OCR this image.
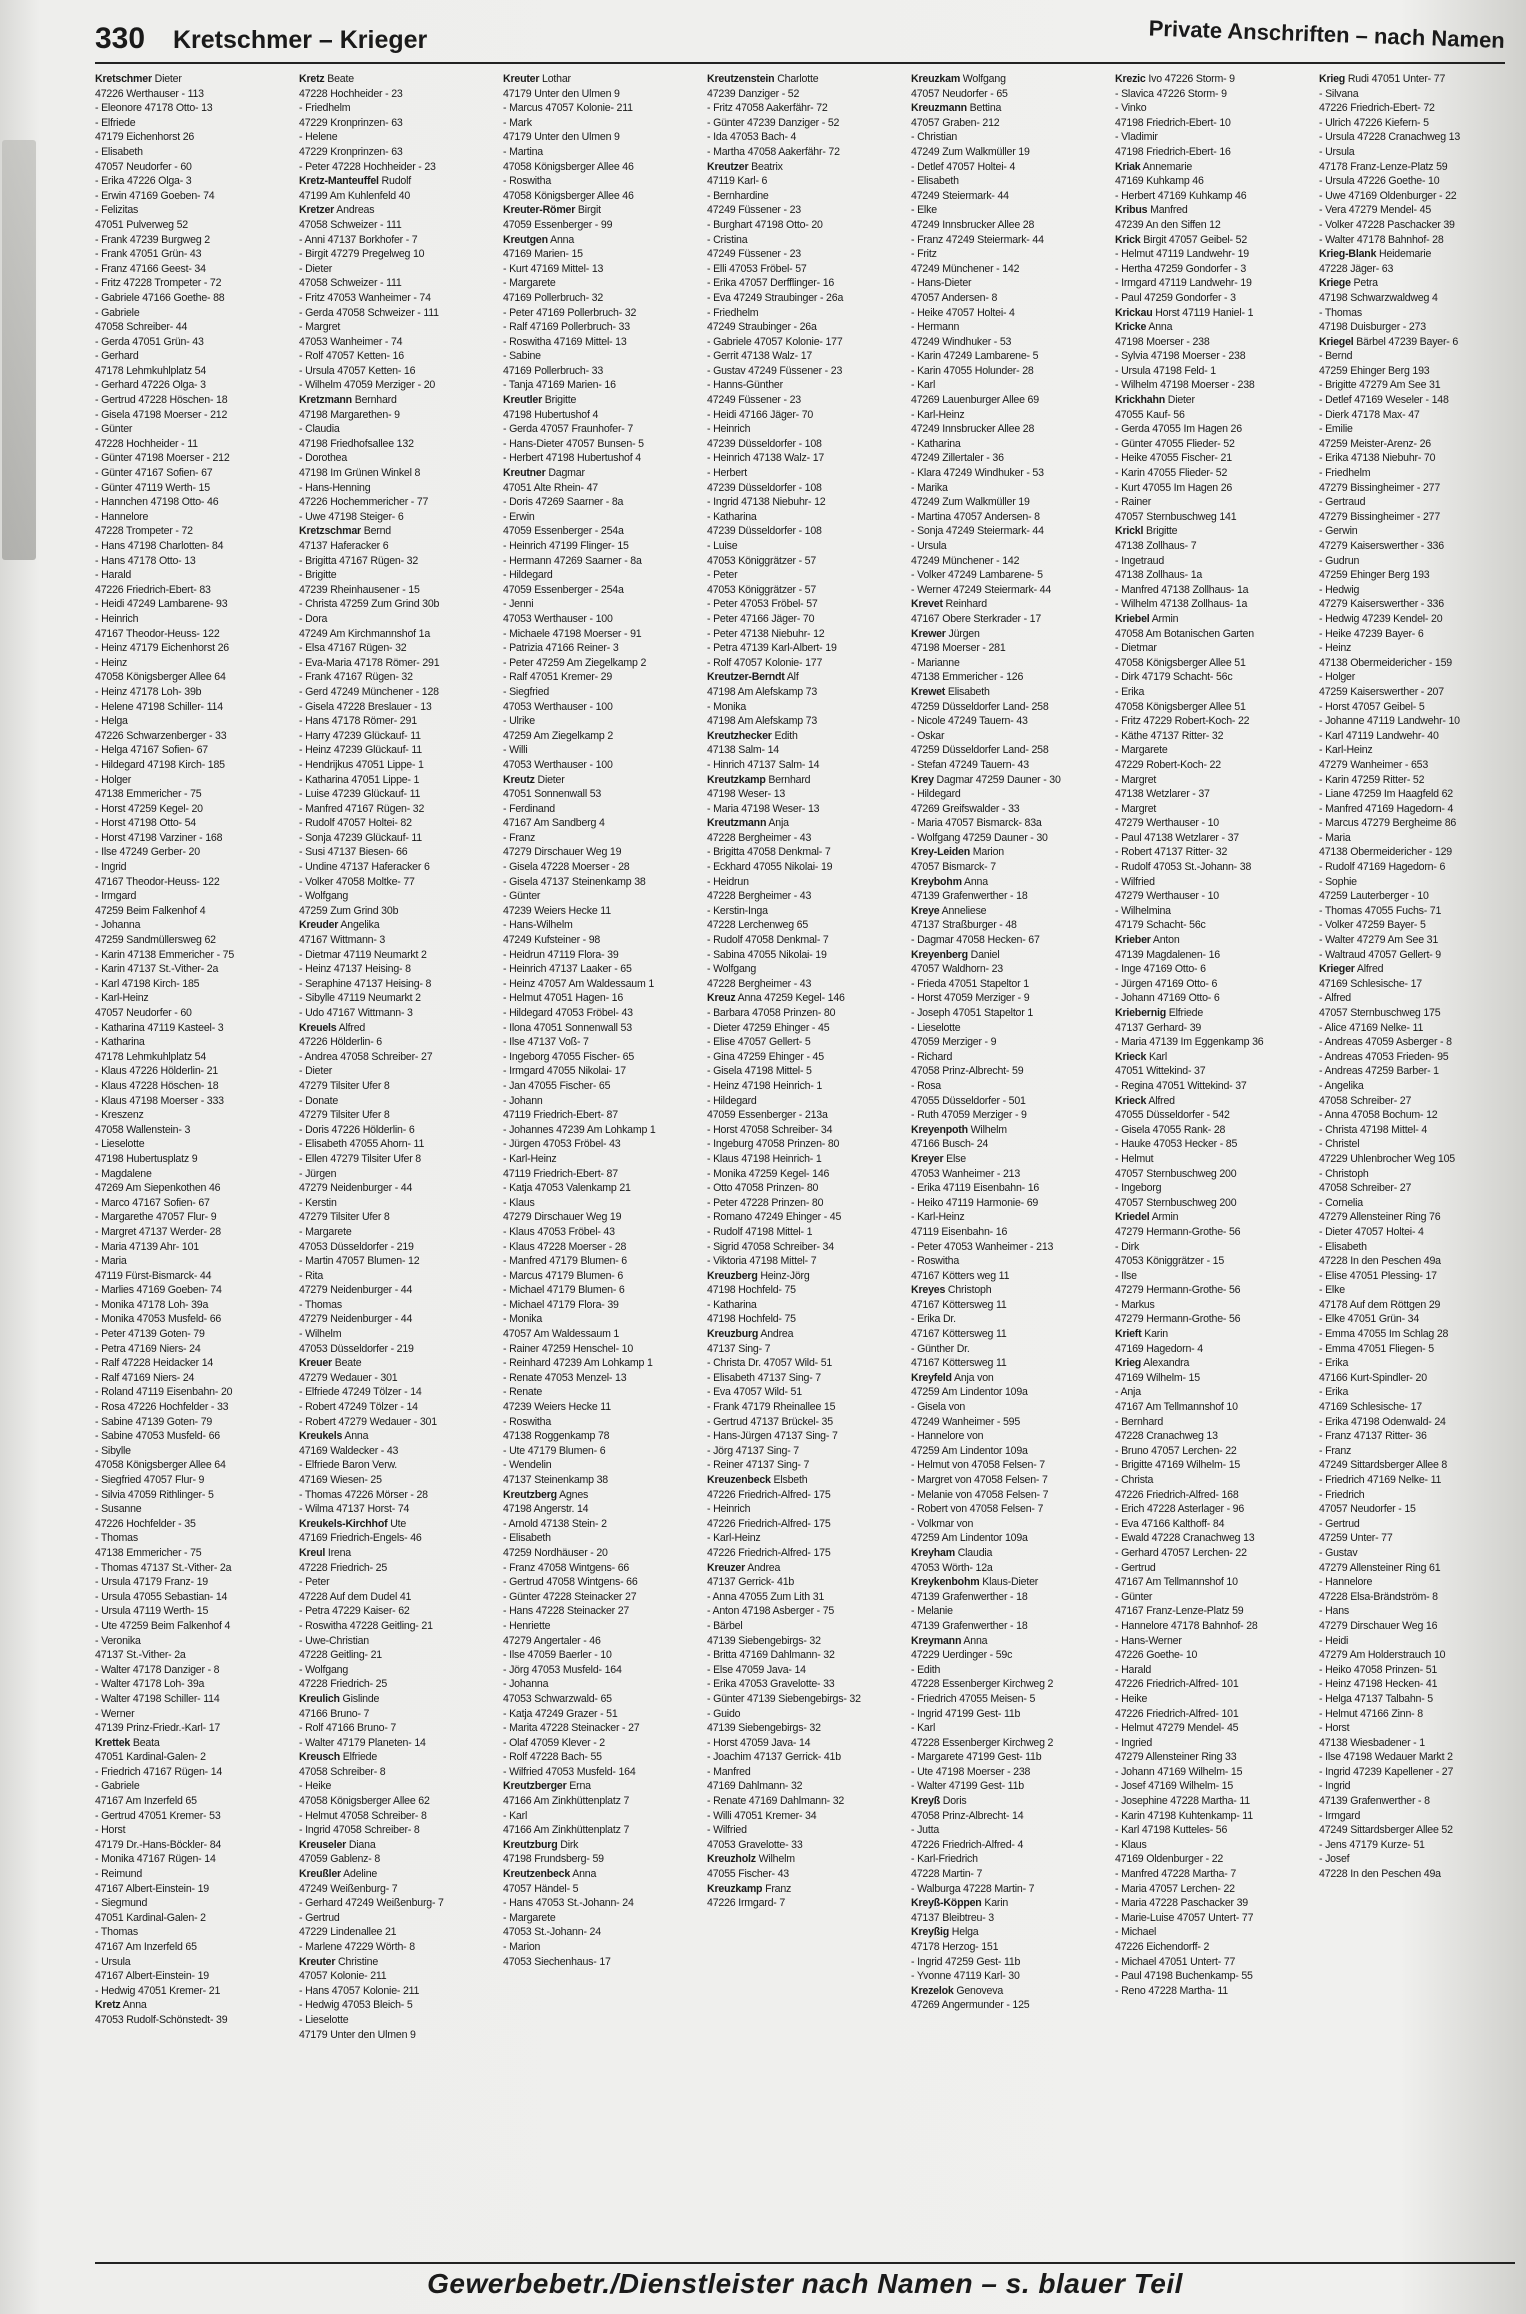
330 Kretschmer – Krieger	Private Anschriften – nach Namen
Kretschmer Dieter
47226 Werthauser - 113
- Eleonore 47178 Otto- 13
- Elfriede
47179 Eichenhorst 26
- Elisabeth
47057 Neudorfer - 60
- Erika 47226 Olga- 3
- Erwin 47169 Goeben- 74
- Felizitas
47051 Pulverweg 52
- Frank 47239 Burgweg 2
- Frank 47051 Grün- 43
- Franz 47166 Geest- 34
- Fritz 47228 Trompeter - 72
- Gabriele 47166 Goethe- 88
- Gabriele
47058 Schreiber- 44
- Gerda 47051 Grün- 43
- Gerhard
47178 Lehmkuhlplatz 54
- Gerhard 47226 Olga- 3
- Gertrud 47228 Höschen- 18
- Gisela 47198 Moerser - 212
- Günter
47228 Hochheider - 11
- Günter 47198 Moerser - 212
- Günter 47167 Sofien- 67
- Günter 47119 Werth- 15
- Hannchen 47198 Otto- 46
- Hannelore
47228 Trompeter - 72
- Hans 47198 Charlotten- 84
- Hans 47178 Otto- 13
- Harald
47226 Friedrich-Ebert- 83
- Heidi 47249 Lambarene- 93
- Heinrich
47167 Theodor-Heuss- 122
- Heinz 47179 Eichenhorst 26
- Heinz
47058 Königsberger Allee 64
- Heinz 47178 Loh- 39b
- Helene 47198 Schiller- 114
- Helga
47226 Schwarzenberger - 33
- Helga 47167 Sofien- 67
- Hildegard 47198 Kirch- 185
- Holger
47138 Emmericher - 75
- Horst 47259 Kegel- 20
- Horst 47198 Otto- 54
- Horst 47198 Varziner - 168
- Ilse 47249 Gerber- 20
- Ingrid
47167 Theodor-Heuss- 122
- Irmgard
47259 Beim Falkenhof 4
- Johanna
47259 Sandmüllersweg 62
- Karin 47138 Emmericher - 75
- Karin 47137 St.-Vither- 2a
- Karl 47198 Kirch- 185
- Karl-Heinz
47057 Neudorfer - 60
- Katharina 47119 Kasteel- 3
- Katharina
47178 Lehmkuhlplatz 54
- Klaus 47226 Hölderlin- 21
- Klaus 47228 Höschen- 18
- Klaus 47198 Moerser - 333
- Kreszenz
47058 Wallenstein- 3
- Lieselotte
47198 Hubertusplatz 9
- Magdalene
47269 Am Siepenkothen 46
- Marco 47167 Sofien- 67
- Margarethe 47057 Flur- 9
- Margret 47137 Werder- 28
- Maria 47139 Ahr- 101
- Maria
47119 Fürst-Bismarck- 44
- Marlies 47169 Goeben- 74
- Monika 47178 Loh- 39a
- Monika 47053 Musfeld- 66
- Peter 47139 Goten- 79
- Petra 47169 Niers- 24
- Ralf 47228 Heidacker 14
- Ralf 47169 Niers- 24
- Roland 47119 Eisenbahn- 20
- Rosa 47226 Hochfelder - 33
- Sabine 47139 Goten- 79
- Sabine 47053 Musfeld- 66
- Sibylle
47058 Königsberger Allee 64
- Siegfried 47057 Flur- 9
- Silvia 47059 Rithlinger- 5
- Susanne
47226 Hochfelder - 35
- Thomas
47138 Emmericher - 75
- Thomas 47137 St.-Vither- 2a
- Ursula 47179 Franz- 19
- Ursula 47055 Sebastian- 14
- Ursula 47119 Werth- 15
- Ute 47259 Beim Falkenhof 4
- Veronika
47137 St.-Vither- 2a
- Walter 47178 Danziger - 8
- Walter 47178 Loh- 39a
- Walter 47198 Schiller- 114
- Werner
47139 Prinz-Friedr.-Karl- 17
Krettek Beata
47051 Kardinal-Galen- 2
- Friedrich 47167 Rügen- 14
- Gabriele
47167 Am Inzerfeld 65
- Gertrud 47051 Kremer- 53
- Horst
47179 Dr.-Hans-Böckler- 84
- Monika 47167 Rügen- 14
- Reimund
47167 Albert-Einstein- 19
- Siegmund
47051 Kardinal-Galen- 2
- Thomas
47167 Am Inzerfeld 65
- Ursula
47167 Albert-Einstein- 19
- Hedwig 47051 Kremer- 21
Kretz Anna
47053 Rudolf-Schönstedt- 39
Kretz Beate
47228 Hochheider - 23
- Friedhelm
47229 Kronprinzen- 63
- Helene
47229 Kronprinzen- 63
- Peter 47228 Hochheider - 23
Kretz-Manteuffel Rudolf
47199 Am Kuhlenfeld 40
Kretzer Andreas
47058 Schweizer - 111
- Anni 47137 Borkhofer - 7
- Birgit 47279 Pregelweg 10
- Dieter
47058 Schweizer - 111
- Fritz 47053 Wanheimer - 74
- Gerda 47058 Schweizer - 111
- Margret
47053 Wanheimer - 74
- Rolf 47057 Ketten- 16
- Ursula 47057 Ketten- 16
- Wilhelm 47059 Merziger - 20
Kretzmann Bernhard
47198 Margarethen- 9
- Claudia
47198 Friedhofsallee 132
- Dorothea
47198 Im Grünen Winkel 8
- Hans-Henning
47226 Hochemmericher - 77
- Uwe 47198 Steiger- 6
Kretzschmar Bernd
47137 Haferacker 6
- Brigitta 47167 Rügen- 32
- Brigitte
47239 Rheinhausener - 15
- Christa 47259 Zum Grind 30b
- Dora
47249 Am Kirchmannshof 1a
- Elsa 47167 Rügen- 32
- Eva-Maria 47178 Römer- 291
- Frank 47167 Rügen- 32
- Gerd 47249 Münchener - 128
- Gisela 47228 Breslauer - 13
- Hans 47178 Römer- 291
- Harry 47239 Glückauf- 11
- Heinz 47239 Glückauf- 11
- Hendrijkus 47051 Lippe- 1
- Katharina 47051 Lippe- 1
- Luise 47239 Glückauf- 11
- Manfred 47167 Rügen- 32
- Rudolf 47057 Holtei- 82
- Sonja 47239 Glückauf- 11
- Susi 47137 Biesen- 66
- Undine 47137 Haferacker 6
- Volker 47058 Moltke- 77
- Wolfgang
47259 Zum Grind 30b
Kreuder Angelika
47167 Wittmann- 3
- Dietmar 47119 Neumarkt 2
- Heinz 47137 Heising- 8
- Seraphine 47137 Heising- 8
- Sibylle 47119 Neumarkt 2
- Udo 47167 Wittmann- 3
Kreuels Alfred
47226 Hölderlin- 6
- Andrea 47058 Schreiber- 27
- Dieter
47279 Tilsiter Ufer 8
- Donate
47279 Tilsiter Ufer 8
- Doris 47226 Hölderlin- 6
- Elisabeth 47055 Ahorn- 11
- Ellen 47279 Tilsiter Ufer 8
- Jürgen
47279 Neidenburger - 44
- Kerstin
47279 Tilsiter Ufer 8
- Margarete
47053 Düsseldorfer - 219
- Martin 47057 Blumen- 12
- Rita
47279 Neidenburger - 44
- Thomas
47279 Neidenburger - 44
- Wilhelm
47053 Düsseldorfer - 219
Kreuer Beate
47279 Wedauer - 301
- Elfriede 47249 Tölzer - 14
- Robert 47249 Tölzer - 14
- Robert 47279 Wedauer - 301
Kreukels Anna
47169 Waldecker - 43
- Elfriede Baron Verw.
47169 Wiesen- 25
- Thomas 47226 Mörser - 28
- Wilma 47137 Horst- 74
Kreukels-Kirchhof Ute
47169 Friedrich-Engels- 46
Kreul Irena
47228 Friedrich- 25
- Peter
47228 Auf dem Dudel 41
- Petra 47229 Kaiser- 62
- Roswitha 47228 Geitling- 21
- Uwe-Christian
47228 Geitling- 21
- Wolfgang
47228 Friedrich- 25
Kreulich Gislinde
47166 Bruno- 7
- Rolf 47166 Bruno- 7
- Walter 47179 Planeten- 14
Kreusch Elfriede
47058 Schreiber- 8
- Heike
47058 Königsberger Allee 62
- Helmut 47058 Schreiber- 8
- Ingrid 47058 Schreiber- 8
Kreuseler Diana
47059 Gablenz- 8
Kreußler Adeline
47249 Weißenburg- 7
- Gerhard 47249 Weißenburg- 7
- Gertrud
47229 Lindenallee 21
- Marlene 47229 Wörth- 8
Kreuter Christine
47057 Kolonie- 211
- Hans 47057 Kolonie- 211
- Hedwig 47053 Bleich- 5
- Lieselotte
47179 Unter den Ulmen 9
Kreuter Lothar
47179 Unter den Ulmen 9
- Marcus 47057 Kolonie- 211
- Mark
47179 Unter den Ulmen 9
- Martina
47058 Königsberger Allee 46
- Roswitha
47058 Königsberger Allee 46
Kreuter-Römer Birgit
47059 Essenberger - 99
Kreutgen Anna
47169 Marien- 15
- Kurt 47169 Mittel- 13
- Margarete
47169 Pollerbruch- 32
- Peter 47169 Pollerbruch- 32
- Ralf 47169 Pollerbruch- 33
- Roswitha 47169 Mittel- 13
- Sabine
47169 Pollerbruch- 33
- Tanja 47169 Marien- 16
Kreutler Brigitte
47198 Hubertushof 4
- Gerda 47057 Fraunhofer- 7
- Hans-Dieter 47057 Bunsen- 5
- Herbert 47198 Hubertushof 4
Kreutner Dagmar
47051 Alte Rhein- 47
- Doris 47269 Saarner - 8a
- Erwin
47059 Essenberger - 254a
- Heinrich 47199 Flinger- 15
- Hermann 47269 Saarner - 8a
- Hildegard
47059 Essenberger - 254a
- Jenni
47053 Werthauser - 100
- Michaele 47198 Moerser - 91
- Patrizia 47166 Reiner- 3
- Peter 47259 Am Ziegelkamp 2
- Ralf 47051 Kremer- 29
- Siegfried
47053 Werthauser - 100
- Ulrike
47259 Am Ziegelkamp 2
- Willi
47053 Werthauser - 100
Kreutz Dieter
47051 Sonnenwall 53
- Ferdinand
47167 Am Sandberg 4
- Franz
47279 Dirschauer Weg 19
- Gisela 47228 Moerser - 28
- Gisela 47137 Steinenkamp 38
- Günter
47239 Weiers Hecke 11
- Hans-Wilhelm
47249 Kufsteiner - 98
- Heidrun 47119 Flora- 39
- Heinrich 47137 Laaker - 65
- Heinz 47057 Am Waldessaum 1
- Helmut 47051 Hagen- 16
- Hildegard 47053 Fröbel- 43
- Ilona 47051 Sonnenwall 53
- Ilse 47137 Voß- 7
- Ingeborg 47055 Fischer- 65
- Irmgard 47055 Nikolai- 17
- Jan 47055 Fischer- 65
- Johann
47119 Friedrich-Ebert- 87
- Johannes 47239 Am Lohkamp 1
- Jürgen 47053 Fröbel- 43
- Karl-Heinz
47119 Friedrich-Ebert- 87
- Katja 47053 Valenkamp 21
- Klaus
47279 Dirschauer Weg 19
- Klaus 47053 Fröbel- 43
- Klaus 47228 Moerser - 28
- Manfred 47179 Blumen- 6
- Marcus 47179 Blumen- 6
- Michael 47179 Blumen- 6
- Michael 47179 Flora- 39
- Monika
47057 Am Waldessaum 1
- Rainer 47259 Henschel- 10
- Reinhard 47239 Am Lohkamp 1
- Renate 47053 Menzel- 13
- Renate
47239 Weiers Hecke 11
- Roswitha
47138 Roggenkamp 78
- Ute 47179 Blumen- 6
- Wendelin
47137 Steinenkamp 38
Kreutzberg Agnes
47198 Angerstr. 14
- Arnold 47138 Stein- 2
- Elisabeth
47259 Nordhäuser - 20
- Franz 47058 Wintgens- 66
- Gertrud 47058 Wintgens- 66
- Günter 47228 Steinacker 27
- Hans 47228 Steinacker 27
- Henriette
47279 Angertaler - 46
- Ilse 47059 Baerler - 10
- Jörg 47053 Musfeld- 164
- Johanna
47053 Schwarzwald- 65
- Katja 47249 Grazer - 51
- Marita 47228 Steinacker - 27
- Olaf 47059 Klever - 2
- Rolf 47228 Bach- 55
- Wilfried 47053 Musfeld- 164
Kreutzberger Erna
47166 Am Zinkhüttenplatz 7
- Karl
47166 Am Zinkhüttenplatz 7
Kreutzburg Dirk
47198 Frundsberg- 59
Kreutzenbeck Anna
47057 Händel- 5
- Hans 47053 St.-Johann- 24
- Margarete
47053 St.-Johann- 24
- Marion
47053 Siechenhaus- 17
Kreutzenstein Charlotte
47239 Danziger - 52
- Fritz 47058 Aakerfähr- 72
- Günter 47239 Danziger - 52
- Ida 47053 Bach- 4
- Martha 47058 Aakerfähr- 72
Kreutzer Beatrix
47119 Karl- 6
- Bernhardine
47249 Füssener - 23
- Burghart 47198 Otto- 20
- Cristina
47249 Füssener - 23
- Elli 47053 Fröbel- 57
- Erika 47057 Derfflinger- 16
- Eva 47249 Straubinger - 26a
- Friedhelm
47249 Straubinger - 26a
- Gabriele 47057 Kolonie- 177
- Gerrit 47138 Walz- 17
- Gustav 47249 Füssener - 23
- Hanns-Günther
47249 Füssener - 23
- Heidi 47166 Jäger- 70
- Heinrich
47239 Düsseldorfer - 108
- Heinrich 47138 Walz- 17
- Herbert
47239 Düsseldorfer - 108
- Ingrid 47138 Niebuhr- 12
- Katharina
47239 Düsseldorfer - 108
- Luise
47053 Königgrätzer - 57
- Peter
47053 Königgrätzer - 57
- Peter 47053 Fröbel- 57
- Peter 47166 Jäger- 70
- Peter 47138 Niebuhr- 12
- Petra 47139 Karl-Albert- 19
- Rolf 47057 Kolonie- 177
Kreutzer-Berndt Alf
47198 Am Alefskamp 73
- Monika
47198 Am Alefskamp 73
Kreutzhecker Edith
47138 Salm- 14
- Hinrich 47137 Salm- 14
Kreutzkamp Bernhard
47198 Weser- 13
- Maria 47198 Weser- 13
Kreutzmann Anja
47228 Bergheimer - 43
- Brigitta 47058 Denkmal- 7
- Eckhard 47055 Nikolai- 19
- Heidrun
47228 Bergheimer - 43
- Kerstin-Inga
47228 Lerchenweg 65
- Rudolf 47058 Denkmal- 7
- Sabina 47055 Nikolai- 19
- Wolfgang
47228 Bergheimer - 43
Kreuz Anna 47259 Kegel- 146
- Barbara 47058 Prinzen- 80
- Dieter 47259 Ehinger - 45
- Elise 47057 Gellert- 5
- Gina 47259 Ehinger - 45
- Gisela 47198 Mittel- 5
- Heinz 47198 Heinrich- 1
- Hildegard
47059 Essenberger - 213a
- Horst 47058 Schreiber- 34
- Ingeburg 47058 Prinzen- 80
- Klaus 47198 Heinrich- 1
- Monika 47259 Kegel- 146
- Otto 47058 Prinzen- 80
- Peter 47228 Prinzen- 80
- Romano 47249 Ehinger - 45
- Rudolf 47198 Mittel- 1
- Sigrid 47058 Schreiber- 34
- Viktoria 47198 Mittel- 7
Kreuzberg Heinz-Jörg
47198 Hochfeld- 75
- Katharina
47198 Hochfeld- 75
Kreuzburg Andrea
47137 Sing- 7
- Christa Dr. 47057 Wild- 51
- Elisabeth 47137 Sing- 7
- Eva 47057 Wild- 51
- Frank 47179 Rheinallee 15
- Gertrud 47137 Brückel- 35
- Hans-Jürgen 47137 Sing- 7
- Jörg 47137 Sing- 7
- Reiner 47137 Sing- 7
Kreuzenbeck Elsbeth
47226 Friedrich-Alfred- 175
- Heinrich
47226 Friedrich-Alfred- 175
- Karl-Heinz
47226 Friedrich-Alfred- 175
Kreuzer Andrea
47137 Gerrick- 41b
- Anna 47055 Zum Lith 31
- Anton 47198 Asberger - 75
- Bärbel
47139 Siebengebirgs- 32
- Britta 47169 Dahlmann- 32
- Else 47059 Java- 14
- Erika 47053 Gravelotte- 33
- Günter 47139 Siebengebirgs- 32
- Guido
47139 Siebengebirgs- 32
- Horst 47059 Java- 14
- Joachim 47137 Gerrick- 41b
- Manfred
47169 Dahlmann- 32
- Renate 47169 Dahlmann- 32
- Willi 47051 Kremer- 34
- Wilfried
47053 Gravelotte- 33
Kreuzholz Wilhelm
47055 Fischer- 43
Kreuzkamp Franz
47226 Irmgard- 7
Kreuzkam Wolfgang
47057 Neudorfer - 65
Kreuzmann Bettina
47057 Graben- 212
- Christian
47249 Zum Walkmüller 19
- Detlef 47057 Holtei- 4
- Elisabeth
47249 Steiermark- 44
- Elke
47249 Innsbrucker Allee 28
- Franz 47249 Steiermark- 44
- Fritz
47249 Münchener - 142
- Hans-Dieter
47057 Andersen- 8
- Heike 47057 Holtei- 4
- Hermann
47249 Windhuker - 53
- Karin 47249 Lambarene- 5
- Karin 47055 Holunder- 28
- Karl
47269 Lauenburger Allee 69
- Karl-Heinz
47249 Innsbrucker Allee 28
- Katharina
47249 Zillertaler - 36
- Klara 47249 Windhuker - 53
- Marika
47249 Zum Walkmüller 19
- Martina 47057 Andersen- 8
- Sonja 47249 Steiermark- 44
- Ursula
47249 Münchener - 142
- Volker 47249 Lambarene- 5
- Werner 47249 Steiermark- 44
Krevet Reinhard
47167 Obere Sterkrader - 17
Krewer Jürgen
47198 Moerser - 281
- Marianne
47138 Emmericher - 126
Krewet Elisabeth
47259 Düsseldorfer Land- 258
- Nicole 47249 Tauern- 43
- Oskar
47259 Düsseldorfer Land- 258
- Stefan 47249 Tauern- 43
Krey Dagmar 47259 Dauner - 30
- Hildegard
47269 Greifswalder - 33
- Maria 47057 Bismarck- 83a
- Wolfgang 47259 Dauner - 30
Krey-Leiden Marion
47057 Bismarck- 7
Kreybohm Anna
47139 Grafenwerther - 18
Kreye Anneliese
47137 Straßburger - 48
- Dagmar 47058 Hecken- 67
Kreyenberg Daniel
47057 Waldhorn- 23
- Frieda 47051 Stapeltor 1
- Horst 47059 Merziger - 9
- Joseph 47051 Stapeltor 1
- Lieselotte
47059 Merziger - 9
- Richard
47058 Prinz-Albrecht- 59
- Rosa
47055 Düsseldorfer - 501
- Ruth 47059 Merziger - 9
Kreyenpoth Wilhelm
47166 Busch- 24
Kreyer Else
47053 Wanheimer - 213
- Erika 47119 Eisenbahn- 16
- Heiko 47119 Harmonie- 69
- Karl-Heinz
47119 Eisenbahn- 16
- Peter 47053 Wanheimer - 213
- Roswitha
47167 Kötters weg 11
Kreyes Christoph
47167 Köttersweg 11
- Erika Dr.
47167 Köttersweg 11
- Günther Dr.
47167 Köttersweg 11
Kreyfeld Anja von
47259 Am Lindentor 109a
- Gisela von
47249 Wanheimer - 595
- Hannelore von
47259 Am Lindentor 109a
- Helmut von 47058 Felsen- 7
- Margret von 47058 Felsen- 7
- Melanie von 47058 Felsen- 7
- Robert von 47058 Felsen- 7
- Volkmar von
47259 Am Lindentor 109a
Kreyham Claudia
47053 Wörth- 12a
Kreykenbohm Klaus-Dieter
47139 Grafenwerther - 18
- Melanie
47139 Grafenwerther - 18
Kreymann Anna
47229 Uerdinger - 59c
- Edith
47228 Essenberger Kirchweg 2
- Friedrich 47055 Meisen- 5
- Ingrid 47199 Gest- 11b
- Karl
47228 Essenberger Kirchweg 2
- Margarete 47199 Gest- 11b
- Ute 47198 Moerser - 238
- Walter 47199 Gest- 11b
Kreyß Doris
47058 Prinz-Albrecht- 14
- Jutta
47226 Friedrich-Alfred- 4
- Karl-Friedrich
47228 Martin- 7
- Walburga 47228 Martin- 7
Kreyß-Köppen Karin
47137 Bleibtreu- 3
Kreyßig Helga
47178 Herzog- 151
- Ingrid 47259 Gest- 11b
- Yvonne 47119 Karl- 30
Krezelok Genoveva
47269 Angermunder - 125
Krezic Ivo 47226 Storm- 9
- Slavica 47226 Storm- 9
- Vinko
47198 Friedrich-Ebert- 10
- Vladimir
47198 Friedrich-Ebert- 16
Kriak Annemarie
47169 Kuhkamp 46
- Herbert 47169 Kuhkamp 46
Kribus Manfred
47239 An den Siffen 12
Krick Birgit 47057 Geibel- 52
- Helmut 47119 Landwehr- 19
- Hertha 47259 Gondorfer - 3
- Irmgard 47119 Landwehr- 19
- Paul 47259 Gondorfer - 3
Krickau Horst 47119 Haniel- 1
Kricke Anna
47198 Moerser - 238
- Sylvia 47198 Moerser - 238
- Ursula 47198 Feld- 1
- Wilhelm 47198 Moerser - 238
Krickhahn Dieter
47055 Kauf- 56
- Gerda 47055 Im Hagen 26
- Günter 47055 Flieder- 52
- Heike 47055 Fischer- 21
- Karin 47055 Flieder- 52
- Kurt 47055 Im Hagen 26
- Rainer
47057 Sternbuschweg 141
Krickl Brigitte
47138 Zollhaus- 7
- Ingetraud
47138 Zollhaus- 1a
- Manfred 47138 Zollhaus- 1a
- Wilhelm 47138 Zollhaus- 1a
Kriebel Armin
47058 Am Botanischen Garten
- Dietmar
47058 Königsberger Allee 51
- Dirk 47179 Schacht- 56c
- Erika
47058 Königsberger Allee 51
- Fritz 47229 Robert-Koch- 22
- Käthe 47137 Ritter- 32
- Margarete
47229 Robert-Koch- 22
- Margret
47138 Wetzlarer - 37
- Margret
47279 Werthauser - 10
- Paul 47138 Wetzlarer - 37
- Robert 47137 Ritter- 32
- Rudolf 47053 St.-Johann- 38
- Wilfried
47279 Werthauser - 10
- Wilhelmina
47179 Schacht- 56c
Krieber Anton
47139 Magdalenen- 16
- Inge 47169 Otto- 6
- Jürgen 47169 Otto- 6
- Johann 47169 Otto- 6
Kriebernig Elfriede
47137 Gerhard- 39
- Maria 47139 Im Eggenkamp 36
Krieck Karl
47051 Wittekind- 37
- Regina 47051 Wittekind- 37
Krieck Alfred
47055 Düsseldorfer - 542
- Gisela 47055 Rank- 28
- Hauke 47053 Hecker - 85
- Helmut
47057 Sternbuschweg 200
- Ingeborg
47057 Sternbuschweg 200
Kriedel Armin
47279 Hermann-Grothe- 56
- Dirk
47053 Königgrätzer - 15
- Ilse
47279 Hermann-Grothe- 56
- Markus
47279 Hermann-Grothe- 56
Krieft Karin
47169 Hagedorn- 4
Krieg Alexandra
47169 Wilhelm- 15
- Anja
47167 Am Tellmannshof 10
- Bernhard
47228 Cranachweg 13
- Bruno 47057 Lerchen- 22
- Brigitte 47169 Wilhelm- 15
- Christa
47226 Friedrich-Alfred- 168
- Erich 47228 Asterlager - 96
- Eva 47166 Kalthoff- 84
- Ewald 47228 Cranachweg 13
- Gerhard 47057 Lerchen- 22
- Gertrud
47167 Am Tellmannshof 10
- Günter
47167 Franz-Lenze-Platz 59
- Hannelore 47178 Bahnhof- 28
- Hans-Werner
47226 Goethe- 10
- Harald
47226 Friedrich-Alfred- 101
- Heike
47226 Friedrich-Alfred- 101
- Helmut 47279 Mendel- 45
- Ingried
47279 Allensteiner Ring 33
- Johann 47169 Wilhelm- 15
- Josef 47169 Wilhelm- 15
- Josephine 47228 Martha- 11
- Karin 47198 Kuhtenkamp- 11
- Karl 47198 Kutteles- 56
- Klaus
47169 Oldenburger - 22
- Manfred 47228 Martha- 7
- Maria 47057 Lerchen- 22
- Maria 47228 Paschacker 39
- Marie-Luise 47057 Untert- 77
- Michael
47226 Eichendorff- 2
- Michael 47051 Untert- 77
- Paul 47198 Buchenkamp- 55
- Reno 47228 Martha- 11
Krieg Rudi 47051 Unter- 77
- Silvana
47226 Friedrich-Ebert- 72
- Ulrich 47226 Kiefern- 5
- Ursula 47228 Cranachweg 13
- Ursula
47178 Franz-Lenze-Platz 59
- Ursula 47226 Goethe- 10
- Uwe 47169 Oldenburger - 22
- Vera 47279 Mendel- 45
- Volker 47228 Paschacker 39
- Walter 47178 Bahnhof- 28
Krieg-Blank Heidemarie
47228 Jäger- 63
Kriege Petra
47198 Schwarzwaldweg 4
- Thomas
47198 Duisburger - 273
Kriegel Bärbel 47239 Bayer- 6
- Bernd
47259 Ehinger Berg 193
- Brigitte 47279 Am See 31
- Detlef 47169 Weseler - 148
- Dierk 47178 Max- 47
- Emilie
47259 Meister-Arenz- 26
- Erika 47138 Niebuhr- 70
- Friedhelm
47279 Bissingheimer - 277
- Gertraud
47279 Bissingheimer - 277
- Gerwin
47279 Kaiserswerther - 336
- Gudrun
47259 Ehinger Berg 193
- Hedwig
47279 Kaiserswerther - 336
- Hedwig 47239 Kendel- 20
- Heike 47239 Bayer- 6
- Heinz
47138 Obermeidericher - 159
- Holger
47259 Kaiserswerther - 207
- Horst 47057 Geibel- 5
- Johanne 47119 Landwehr- 10
- Karl 47119 Landwehr- 40
- Karl-Heinz
47279 Wanheimer - 653
- Karin 47259 Ritter- 52
- Liane 47259 Im Haagfeld 62
- Manfred 47169 Hagedorn- 4
- Marcus 47279 Bergheime 86
- Maria
47138 Obermeidericher - 129
- Rudolf 47169 Hagedorn- 6
- Sophie
47259 Lauterberger - 10
- Thomas 47055 Fuchs- 71
- Volker 47259 Bayer- 5
- Walter 47279 Am See 31
- Waltraud 47057 Gellert- 9
Krieger Alfred
47169 Schlesische- 17
- Alfred
47057 Sternbuschweg 175
- Alice 47169 Nelke- 11
- Andreas 47059 Asberger - 8
- Andreas 47053 Frieden- 95
- Andreas 47259 Barber- 1
- Angelika
47058 Schreiber- 27
- Anna 47058 Bochum- 12
- Christa 47198 Mittel- 4
- Christel
47229 Uhlenbrocher Weg 105
- Christoph
47058 Schreiber- 27
- Cornelia
47279 Allensteiner Ring 76
- Dieter 47057 Holtei- 4
- Elisabeth
47228 In den Peschen 49a
- Elise 47051 Plessing- 17
- Elke
47178 Auf dem Röttgen 29
- Elke 47051 Grün- 34
- Emma 47055 Im Schlag 28
- Emma 47051 Fliegen- 5
- Erika
47166 Kurt-Spindler- 20
- Erika
47169 Schlesische- 17
- Erika 47198 Odenwald- 24
- Franz 47137 Ritter- 36
- Franz
47249 Sittardsberger Allee 8
- Friedrich 47169 Nelke- 11
- Friedrich
47057 Neudorfer - 15
- Gertrud
47259 Unter- 77
- Gustav
47279 Allensteiner Ring 61
- Hannelore
47228 Elsa-Brändström- 8
- Hans
47279 Dirschauer Weg 16
- Heidi
47279 Am Holderstrauch 10
- Heiko 47058 Prinzen- 51
- Heinz 47198 Hecken- 41
- Helga 47137 Talbahn- 5
- Helmut 47166 Zinn- 8
- Horst
47138 Wiesbadener - 1
- Ilse 47198 Wedauer Markt 2
- Ingrid 47239 Kapellener - 27
- Ingrid
47139 Grafenwerther - 8
- Irmgard
47249 Sittardsberger Allee 52
- Jens 47179 Kurze- 51
- Josef
47228 In den Peschen 49a
Gewerbebetr./Dienstleister nach Namen – s. blauer Teil
